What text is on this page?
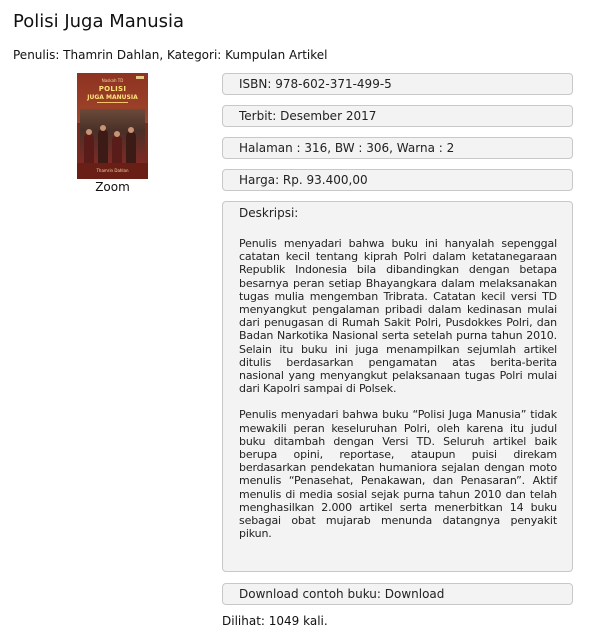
Polisi Juga Manusia
Penulis: Thamrin Dahlan, Kategori: Kumpulan Artikel
Naskah TD
POLISI
JUGA MANUSIA
Thamrin Dahlan
Zoom
ISBN: 978-602-371-499-5
Terbit: Desember 2017
Halaman : 316, BW : 306, Warna : 2
Harga: Rp. 93.400,00
Deskripsi:

Penulis menyadari bahwa buku ini hanyalah sepenggal catatan kecil tentang kiprah Polri dalam ketatanegaraan Republik Indonesia bila dibandingkan dengan betapa besarnya peran setiap Bhayangkara dalam melaksanakan tugas mulia mengemban Tribrata. Catatan kecil versi TD menyangkut pengalaman pribadi dalam kedinasan mulai dari penugasan di Rumah Sakit Polri, Pusdokkes Polri, dan Badan Narkotika Nasional serta setelah purna tahun 2010. Selain itu buku ini juga menampilkan sejumlah artikel ditulis berdasarkan pengamatan atas berita-berita nasional yang menyangkut pelaksanaan tugas Polri mulai dari Kapolri sampai di Polsek.

Penulis menyadari bahwa buku “Polisi Juga Manusia” tidak mewakili peran keseluruhan Polri, oleh karena itu judul buku ditambah dengan Versi TD. Seluruh artikel baik berupa opini, reportase, ataupun puisi direkam berdasarkan pendekatan humaniora sejalan dengan moto menulis “Penasehat, Penakawan, dan Penasaran”. Aktif menulis di media sosial sejak purna tahun 2010 dan telah menghasilkan 2.000 artikel serta menerbitkan 14 buku sebagai obat mujarab menunda datangnya penyakit pikun.

Download contoh buku: Download
Dilihat: 1049 kali.
